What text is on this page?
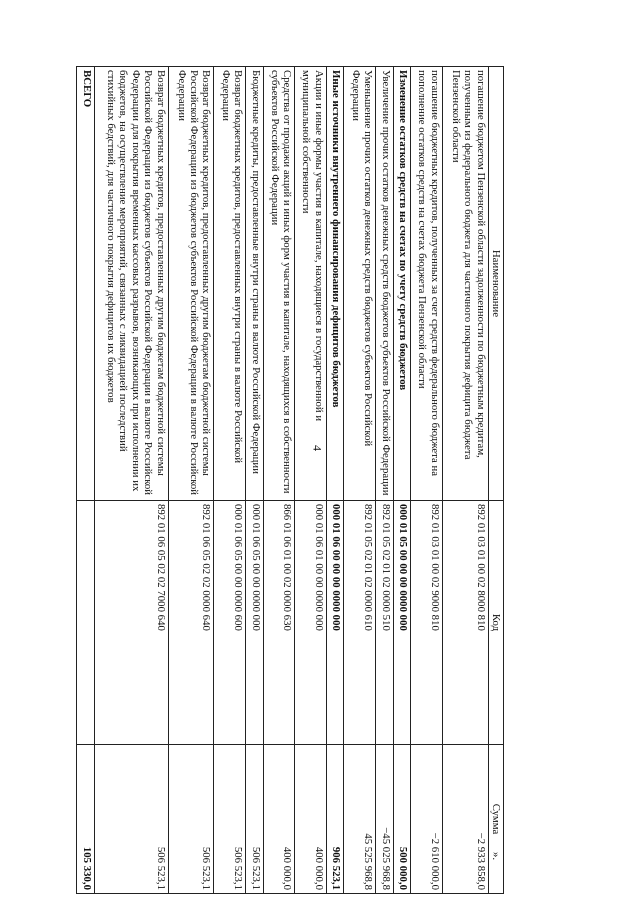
4
Наименование	Код	Сумма
погашение бюджетом Пензенской области задолженности по бюджетным кредитам, полученным из федерального бюджета для частичного покрытия дефицита бюджета Пензенской области	892 01 03 01 00 02 8000 810	−2 933 858,0
погашение бюджетных кредитов, полученных за счет средств федерального бюджета на пополнение остатков средств на счетах бюджета Пензенской области	892 01 03 01 00 02 9000 810	−2 610 000,0
Изменение остатков средств на счетах по учету средств бюджетов	000 01 05 00 00 00 0000 000	500 000,0
Увеличение прочих остатков денежных средств бюджетов субъектов Российской Федерации	892 01 05 02 01 02 0000 510	−45 025 968,8
Уменьшение прочих остатков денежных средств бюджетов субъектов Российской Федерации	892 01 05 02 01 02 0000 610	45 525 968,8
Иные источники внутреннего финансирования дефицитов бюджетов	000 01 06 00 00 00 0000 000	906 523,1
Акции и иные формы участия в капитале, находящиеся в государственной и муниципальной собственности	000 01 06 01 00 00 0000 000	400 000,0
Средства от продажи акций и иных форм участия в капитале, находящихся в собственности субъектов Российской Федерации	866 01 06 01 00 02 0000 630	400 000,0
Бюджетные кредиты, предоставленные внутри страны в валюте Российской Федерации	000 01 06 05 00 00 0000 000	506 523,1
Возврат бюджетных кредитов, предоставленных внутри страны в валюте Российской Федерации	000 01 06 05 00 00 0000 600	506 523,1
Возврат бюджетных кредитов, предоставленных другим бюджетам бюджетной системы Российской Федерации из бюджетов субъектов Российской Федерации в валюте Российской Федерации	892 01 06 05 02 02 0000 640	506 523,1
Возврат бюджетных кредитов, предоставленных другим бюджетам бюджетной системы Российской Федерации из бюджетов субъектов Российской Федерации в валюте Российской Федерации для покрытия временных кассовых разрывов, возникающих при исполнении их бюджетов, на осуществление мероприятий, связанных с ликвидацией последствий стихийных бедствий, для частичного покрытия дефицитов их бюджетов	892 01 06 05 02 02 7000 640	506 523,1
ВСЕГО		105 330,0	».
